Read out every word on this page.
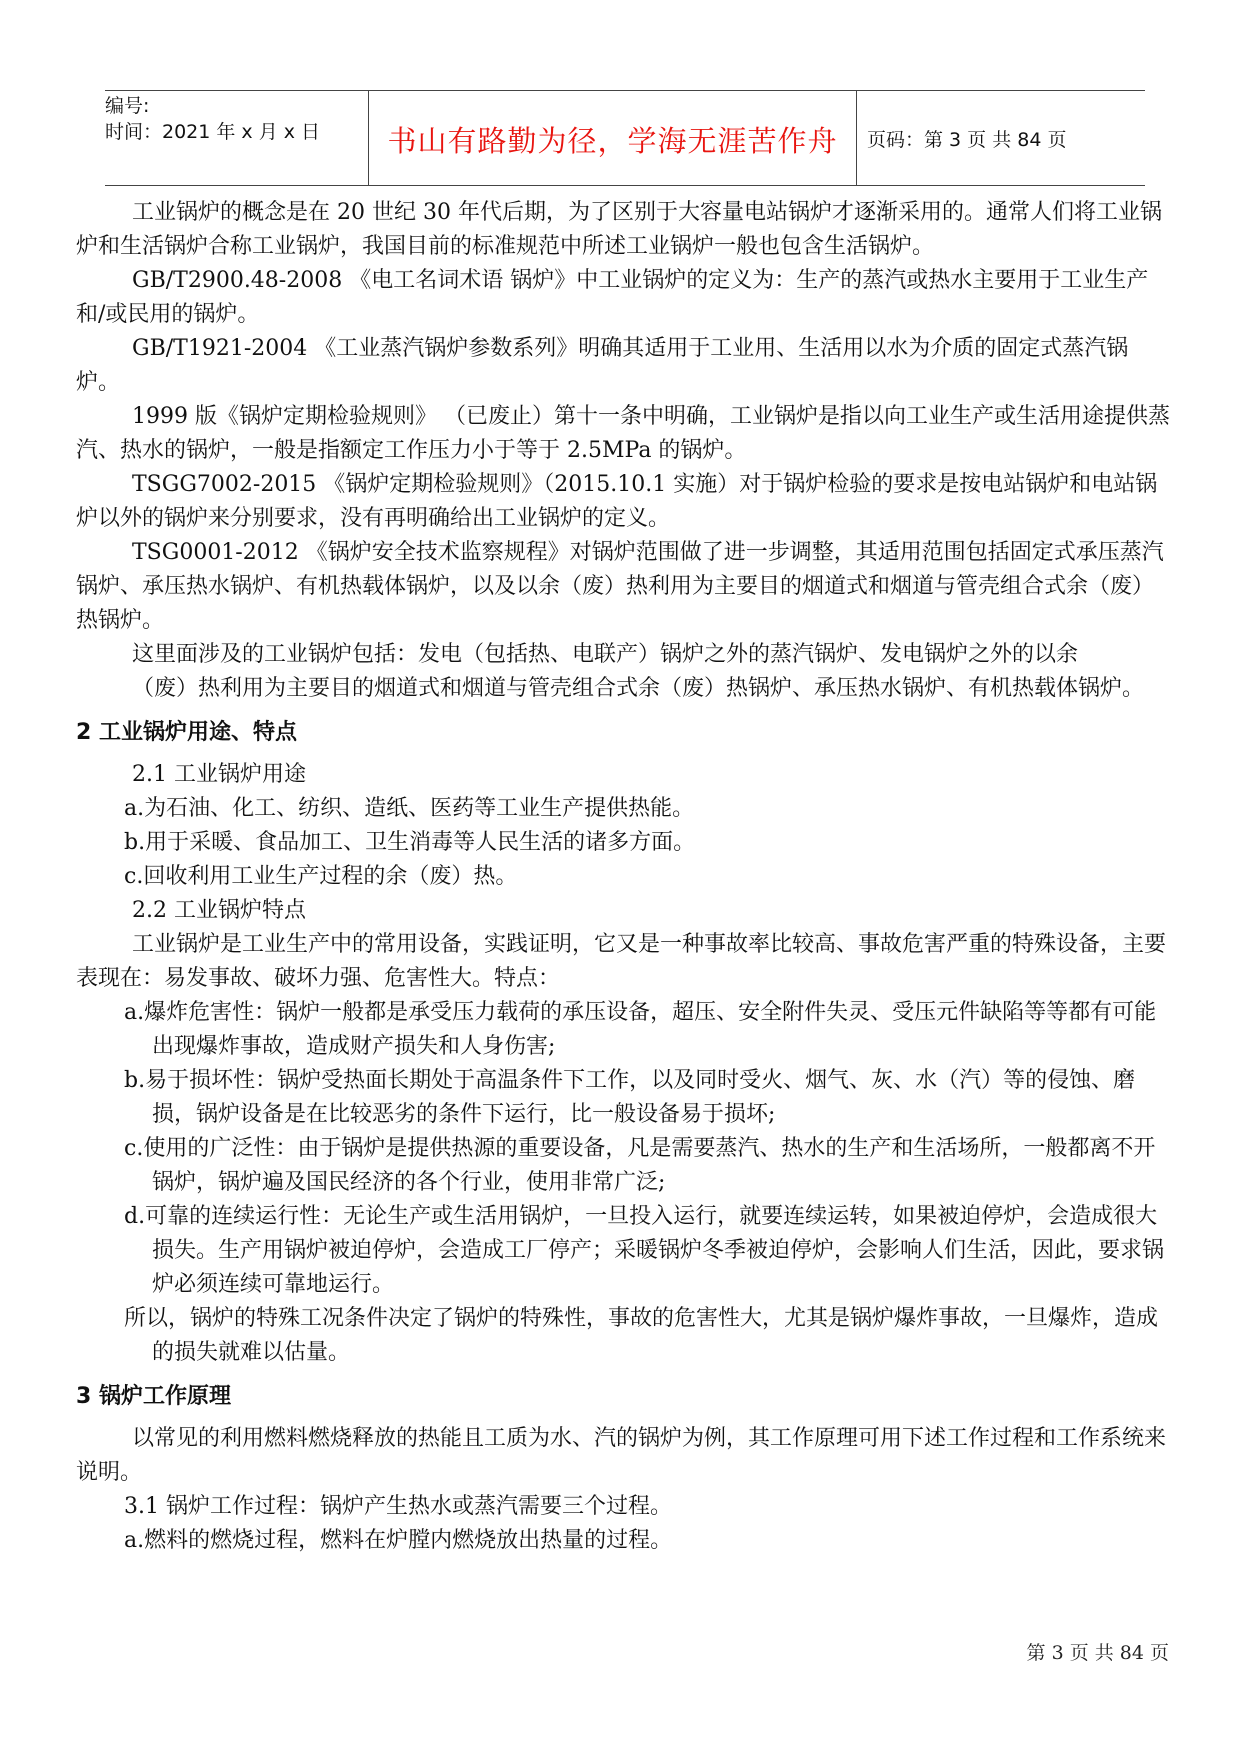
编号:
时间：2021 年 x 月 x 日	书山有路勤为径，学海无涯苦作舟	页码：第 3 页 共 84 页

工业锅炉的概念是在 20 世纪 30 年代后期，为了区别于大容量电站锅炉才逐渐采用的。通常人们将工业锅炉和生活锅炉合称工业锅炉，我国目前的标准规范中所述工业锅炉一般也包含生活锅炉。

GB/T2900.48-2008 《电工名词术语 锅炉》中工业锅炉的定义为：生产的蒸汽或热水主要用于工业生产和/或民用的锅炉。

GB/T1921-2004 《工业蒸汽锅炉参数系列》明确其适用于工业用、生活用以水为介质的固定式蒸汽锅炉。

1999 版《锅炉定期检验规则》 （已废止）第十一条中明确，工业锅炉是指以向工业生产或生活用途提供蒸汽、热水的锅炉，一般是指额定工作压力小于等于 2.5MPa 的锅炉。

TSGG7002-2015 《锅炉定期检验规则》（2015.10.1 实施）对于锅炉检验的要求是按电站锅炉和电站锅炉以外的锅炉来分别要求，没有再明确给出工业锅炉的定义。

TSG0001-2012 《锅炉安全技术监察规程》对锅炉范围做了进一步调整，其适用范围包括固定式承压蒸汽锅炉、承压热水锅炉、有机热载体锅炉，以及以余（废）热利用为主要目的烟道式和烟道与管壳组合式余（废）热锅炉。

这里面涉及的工业锅炉包括：发电（包括热、电联产）锅炉之外的蒸汽锅炉、发电锅炉之外的以余

（废）热利用为主要目的烟道式和烟道与管壳组合式余（废）热锅炉、承压热水锅炉、有机热载体锅炉。

2 工业锅炉用途、特点

2.1 工业锅炉用途

a.为石油、化工、纺织、造纸、医药等工业生产提供热能。

b.用于采暖、食品加工、卫生消毒等人民生活的诸多方面。

c.回收利用工业生产过程的余（废）热。

2.2 工业锅炉特点

工业锅炉是工业生产中的常用设备，实践证明，它又是一种事故率比较高、事故危害严重的特殊设备，主要表现在：易发事故、破坏力强、危害性大。特点：

a.爆炸危害性：锅炉一般都是承受压力载荷的承压设备，超压、安全附件失灵、受压元件缺陷等等都有可能出现爆炸事故，造成财产损失和人身伤害;

b.易于损坏性：锅炉受热面长期处于高温条件下工作，以及同时受火、烟气、灰、水（汽）等的侵蚀、磨损，锅炉设备是在比较恶劣的条件下运行，比一般设备易于损坏;

c.使用的广泛性：由于锅炉是提供热源的重要设备，凡是需要蒸汽、热水的生产和生活场所，一般都离不开锅炉，锅炉遍及国民经济的各个行业，使用非常广泛;

d.可靠的连续运行性：无论生产或生活用锅炉，一旦投入运行，就要连续运转，如果被迫停炉，会造成很大损失。生产用锅炉被迫停炉，会造成工厂停产；采暖锅炉冬季被迫停炉，会影响人们生活，因此，要求锅炉必须连续可靠地运行。

所以，锅炉的特殊工况条件决定了锅炉的特殊性，事故的危害性大，尤其是锅炉爆炸事故，一旦爆炸，造成的损失就难以估量。

3 锅炉工作原理

以常见的利用燃料燃烧释放的热能且工质为水、汽的锅炉为例，其工作原理可用下述工作过程和工作系统来说明。

3.1 锅炉工作过程：锅炉产生热水或蒸汽需要三个过程。

a.燃料的燃烧过程，燃料在炉膛内燃烧放出热量的过程。

第 3 页 共 84 页
